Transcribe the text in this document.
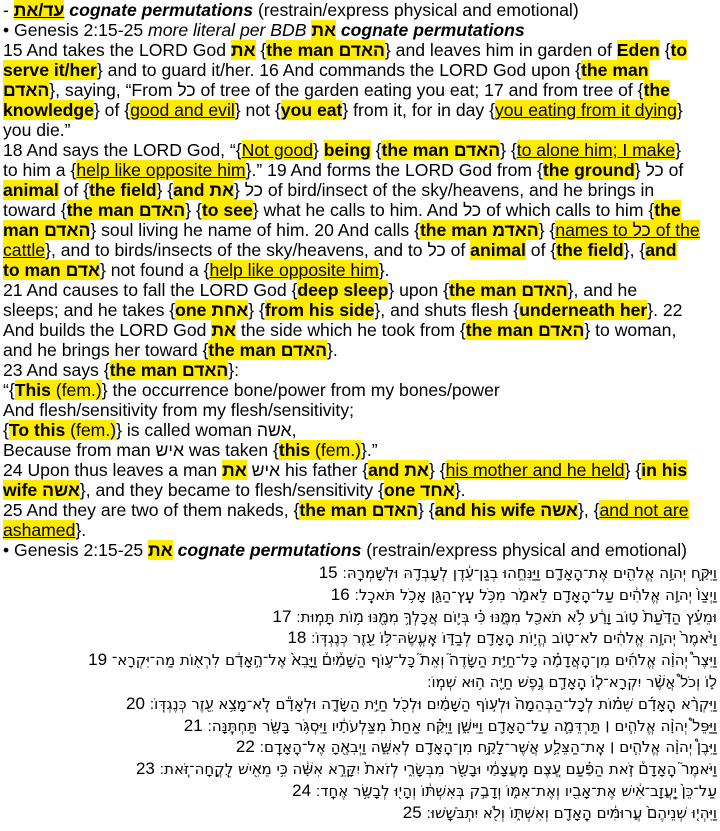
- עד/את cognate permutations (restrain/express physical and emotional)
• Genesis 2:15-25 more literal per BDB את cognate permutations
15 And takes the LORD God את {the man האדם} and leaves him in garden of Eden {to
serve it/her} and to guard it/her. 16 And commands the LORD God upon {the man
האדם}, saying, “From כל of tree of the garden eating you eat; 17 and from tree of {the
knowledge} of {good and evil} not {you eat} from it, for in day {you eating from it dying}
you die.”
18 And says the LORD God, “{Not good} being {the man האדם} {to alone him; I make}
to him a {help like opposite him}.” 19 And forms the LORD God from {the ground} כל of
animal of {the field} {and את} כל of bird/insect of the sky/heavens, and he brings in
toward {the man האדם} {to see} what he calls to him. And כל of which calls to him {the
man האדם} soul living he name of him. 20 And calls {the man האדמ} {names to כל of the
cattle}, and to birds/insects of the sky/heavens, and to כל of animal of {the field}, {and
to man אדם} not found a {help like opposite him}.
21 And causes to fall the LORD God {deep sleep} upon {the man האדם}, and he
sleeps; and he takes {one אחת} {from his side}, and shuts flesh {underneath her}. 22
And builds the LORD God את the side which he took from {the man האדם} to woman,
and he brings her toward {the man האדם}.
23 And says {the man האדם}:
“{This (fem.)} the occurrence bone/power from my bones/power
And flesh/sensitivity from my flesh/sensitivity;
{To this (fem.)} is called woman אשה,
Because from man איש was taken {this (fem.)}.”
24 Upon thus leaves a man איש את his father {and את} {his mother and he held} {in his
wife אשה}, and they became to flesh/sensitivity {one אחד}.
25 And they are two of them nakeds, {the man האדם} {and his wife אשה}, {and not are
ashamed}.
• Genesis 2:15-25 את cognate permutations (restrain/express physical and emotional)
וַיִּקַּ֛ח יְהוָ֥ה אֱלֹהִ֖ים אֶת־הָֽאָדָ֑ם וַיַּנִּחֵ֣הוּ בְגַן־עֵ֔דֶן לְעָבְדָ֖הּ וּלְשָׁמְרָֽהּ׃ 15
וַיְצַו֙ יְהוָ֣ה אֱלֹהִ֔ים עַל־הָֽאָדָ֖ם לֵאמֹ֑ר מִכֹּ֥ל עֵֽץ־הַגָּ֖ן אָכֹ֥ל תֹּאכֵֽל׃ 16
וּמֵעֵ֗ץ הַדַּ֙עַת֙ ט֣וֹב וָרָ֔ע לֹ֥א תֹאכַ֖ל מִמֶּ֑נּוּ כִּ֗י בְּי֛וֹם אֲכָלְךָ֥ מִמֶּ֖נּוּ מ֥וֹת תָּמֽוּת׃ 17
וַיֹּ֙אמֶר֙ יְהוָ֣ה אֱלֹהִ֔ים לֹא־ט֛וֹב הֱי֥וֹת הָֽאָדָ֖ם לְבַדּ֑וֹ אֶֽעֱשֶׂהּ־לּ֥וֹ עֵ֖זֶר כְּנֶגְדּֽוֹ׃ 18
וַיִּצֶר֩ יְהוָ֨ה אֱלֹהִ֜ים מִן־הָֽאֲדָמָ֗ה כָּל־חַיַּ֣ת הַשָּׂדֶה֮ וְאֵת֮ כָּל־ע֣וֹף הַשָּׁמַ֒יִם֒ וַיָּבֵא֙ אֶל־הָ֣אָדָ֔ם לִרְא֖וֹת מַה־יִּקְרָא־ 19
ל֑וֹ וְכֹל֩ אֲשֶׁ֨ר יִקְרָא־ל֧וֹ הָֽאָדָ֛ם נֶ֥פֶשׁ חַיָּ֖ה ה֥וּא שְׁמֽוֹ׃
וַיִּקְרָ֨א הָֽאָדָ֜ם שֵׁמ֗וֹת לְכָל־הַבְּהֵמָה֙ וּלְע֣וֹף הַשָּׁמַ֔יִם וּלְכֹ֖ל חַיַּ֣ת הַשָּׂדֶ֑ה וּלְאָדָ֕ם לֹֽא־מָצָ֥א עֵ֖זֶר כְּנֶגְדּֽוֹ׃ 20
וַיַּפֵּל֩ יְהוָ֨ה אֱלֹהִ֧ים ׀ תַּרְדֵּמָ֛ה עַל־הָאָדָ֖ם וַיִּישָׁ֑ן וַיִּקַּ֗ח אַחַת֙ מִצַּלְעֹתָ֔יו וַיִּסְגֹּ֥ר בָּשָׂ֖ר תַּחְתֶּֽנָּה׃ 21
וַיִּבֶן֩ יְהוָ֨ה אֱלֹהִ֧ים ׀ אֶֽת־הַצֵּלָ֛ע אֲשֶׁר־לָקַ֥ח מִן־הָֽאָדָ֖ם לְאִשָּׁ֑ה וַיְבִאֶ֖הָ אֶל־הָֽאָדָֽם׃ 22
וַיֹּאמֶר֮ הָֽאָדָם֒ זֹ֣את הַפַּ֗עַם עֶ֚צֶם מֵֽעֲצָמַ֔י וּבָשָׂ֖ר מִבְּשָׂרִ֑י לְזֹאת֙ יִקָּרֵ֣א אִשָּׁ֔ה כִּ֥י מֵאִ֖ישׁ לֻֽקֳחָה־זֹּֽאת׃ 23
עַל־כֵּן֙ יַֽעֲזָב־אִ֔ישׁ אֶת־אָבִ֖יו וְאֶת־אִמּ֑וֹ וְדָבַ֣ק בְּאִשְׁתּ֔וֹ וְהָי֖וּ לְבָשָׂ֥ר אֶחָֽד׃ 24
וַיִּהְי֤וּ שְׁנֵיהֶם֙ עֲרוּמִּ֔ים הָֽאָדָ֖ם וְאִשְׁתּ֑וֹ וְלֹ֖א יִתְבֹּשָֽׁשׁוּ׃ 25
